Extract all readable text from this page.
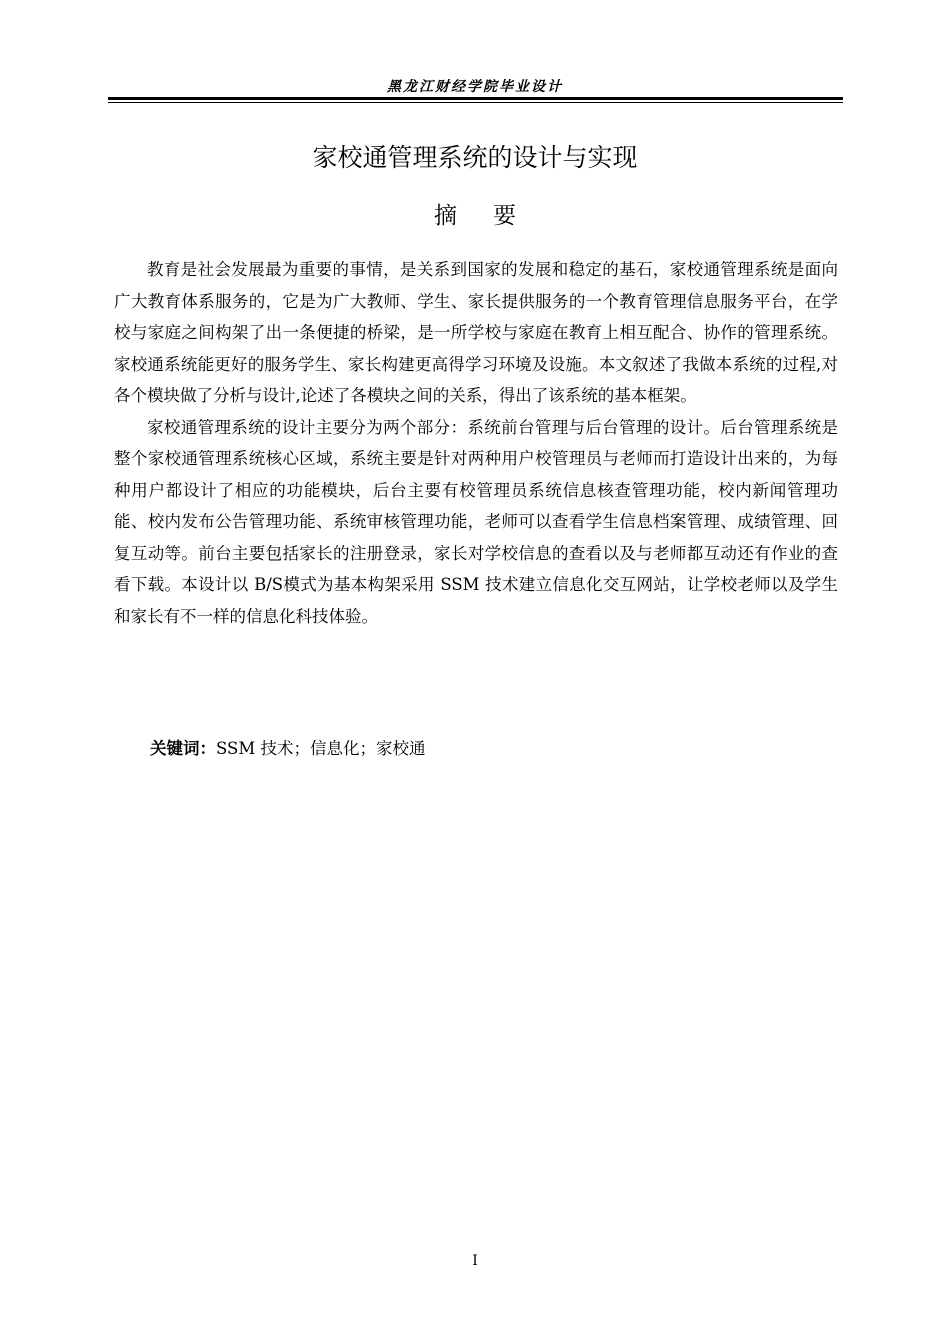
黑龙江财经学院毕业设计
家校通管理系统的设计与实现
摘要

教育是社会发展最为重要的事情，是关系到国家的发展和稳定的基石，家校通管理系统是面向广大教育体系服务的，它是为广大教师、学生、家长提供服务的一个教育管理信息服务平台，在学校与家庭之间构架了出一条便捷的桥梁，是一所学校与家庭在教育上相互配合、协作的管理系统。家校通系统能更好的服务学生、家长构建更高得学习环境及设施。本文叙述了我做本系统的过程,对各个模块做了分析与设计,论述了各模块之间的关系，得出了该系统的基本框架。

家校通管理系统的设计主要分为两个部分：系统前台管理与后台管理的设计。后台管理系统是整个家校通管理系统核心区域，系统主要是针对两种用户校管理员与老师而打造设计出来的，为每种用户都设计了相应的功能模块，后台主要有校管理员系统信息核查管理功能，校内新闻管理功能、校内发布公告管理功能、系统审核管理功能，老师可以查看学生信息档案管理、成绩管理、回复互动等。前台主要包括家长的注册登录，家长对学校信息的查看以及与老师都互动还有作业的查看下载。本设计以 B/S模式为基本构架采用 SSM 技术建立信息化交互网站，让学校老师以及学生和家长有不一样的信息化科技体验。

关键词：SSM 技术；信息化；家校通
I
